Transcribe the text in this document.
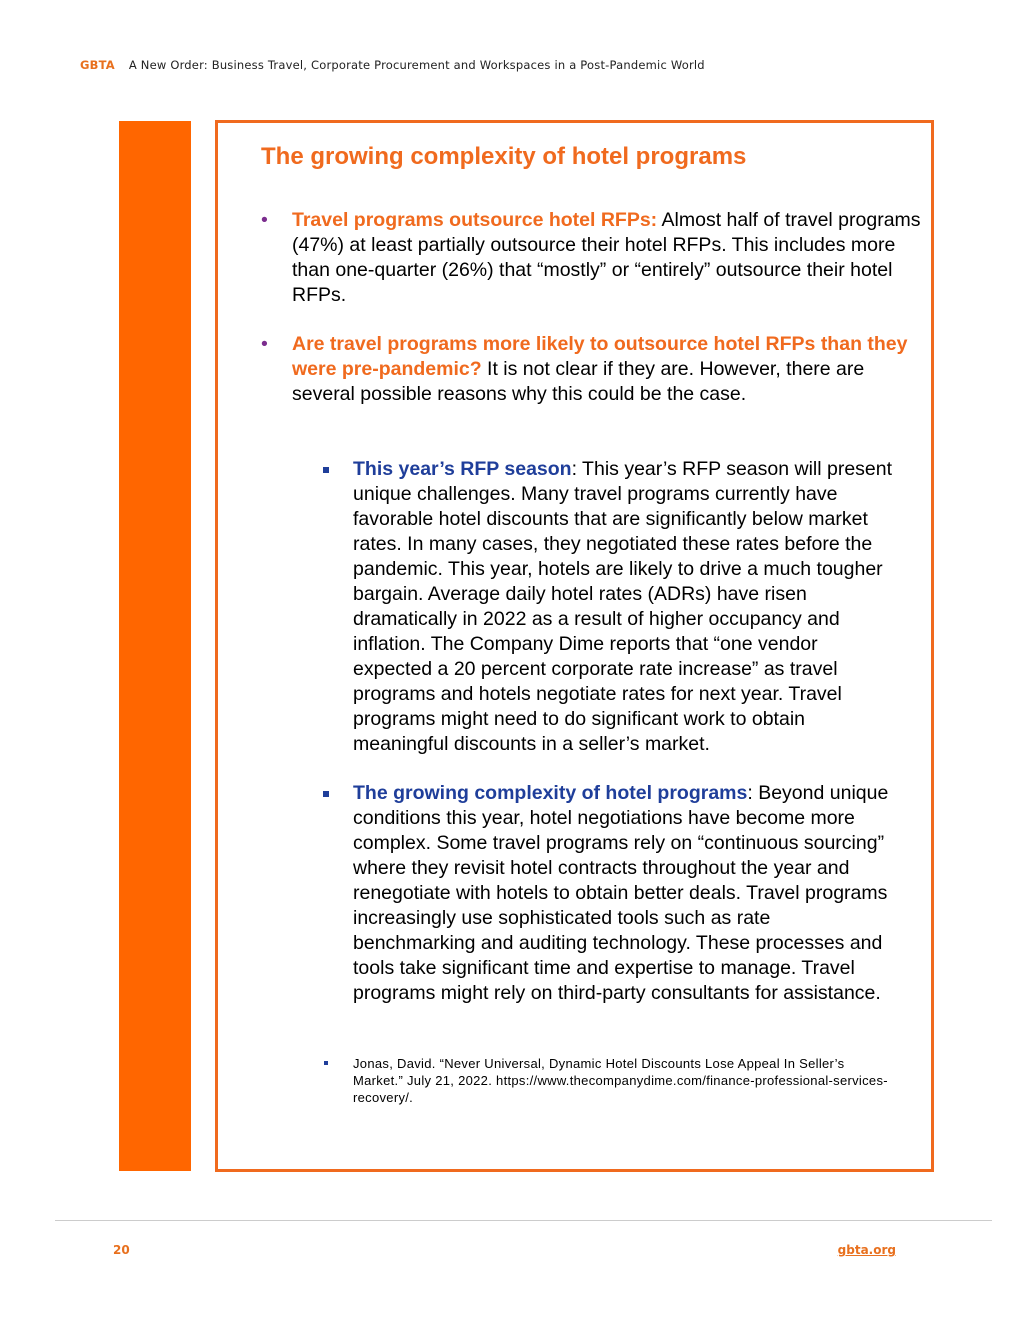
GBTA A New Order: Business Travel, Corporate Procurement and Workspaces in a Post-Pandemic World
The growing complexity of hotel programs
•	Travel programs outsource hotel RFPs: Almost half of travel programs (47%) at least partially outsource their hotel RFPs. This includes more than one-quarter (26%) that “mostly” or “entirely” outsource their hotel RFPs.
•	Are travel programs more likely to outsource hotel RFPs than they were pre-pandemic? It is not clear if they are. However, there are several possible reasons why this could be the case.
This year’s RFP season: This year’s RFP season will present unique challenges. Many travel programs currently have favorable hotel discounts that are significantly below market rates. In many cases, they negotiated these rates before the pandemic. This year, hotels are likely to drive a much tougher bargain. Average daily hotel rates (ADRs) have risen dramatically in 2022 as a result of higher occupancy and inflation. The Company Dime reports that “one vendor expected a 20 percent corporate rate increase” as travel programs and hotels negotiate rates for next year. Travel programs might need to do significant work to obtain meaningful discounts in a seller’s market.
The growing complexity of hotel programs: Beyond unique conditions this year, hotel negotiations have become more complex. Some travel programs rely on “continuous sourcing” where they revisit hotel contracts throughout the year and renegotiate with hotels to obtain better deals. Travel programs increasingly use sophisticated tools such as rate benchmarking and auditing technology. These processes and tools take significant time and expertise to manage. Travel programs might rely on third-party consultants for assistance.
Jonas, David. “Never Universal, Dynamic Hotel Discounts Lose Appeal In Seller’s Market.” July 21, 2022. https://www.thecompanydime.com/finance-professional-services-recovery/.
20	gbta.org
